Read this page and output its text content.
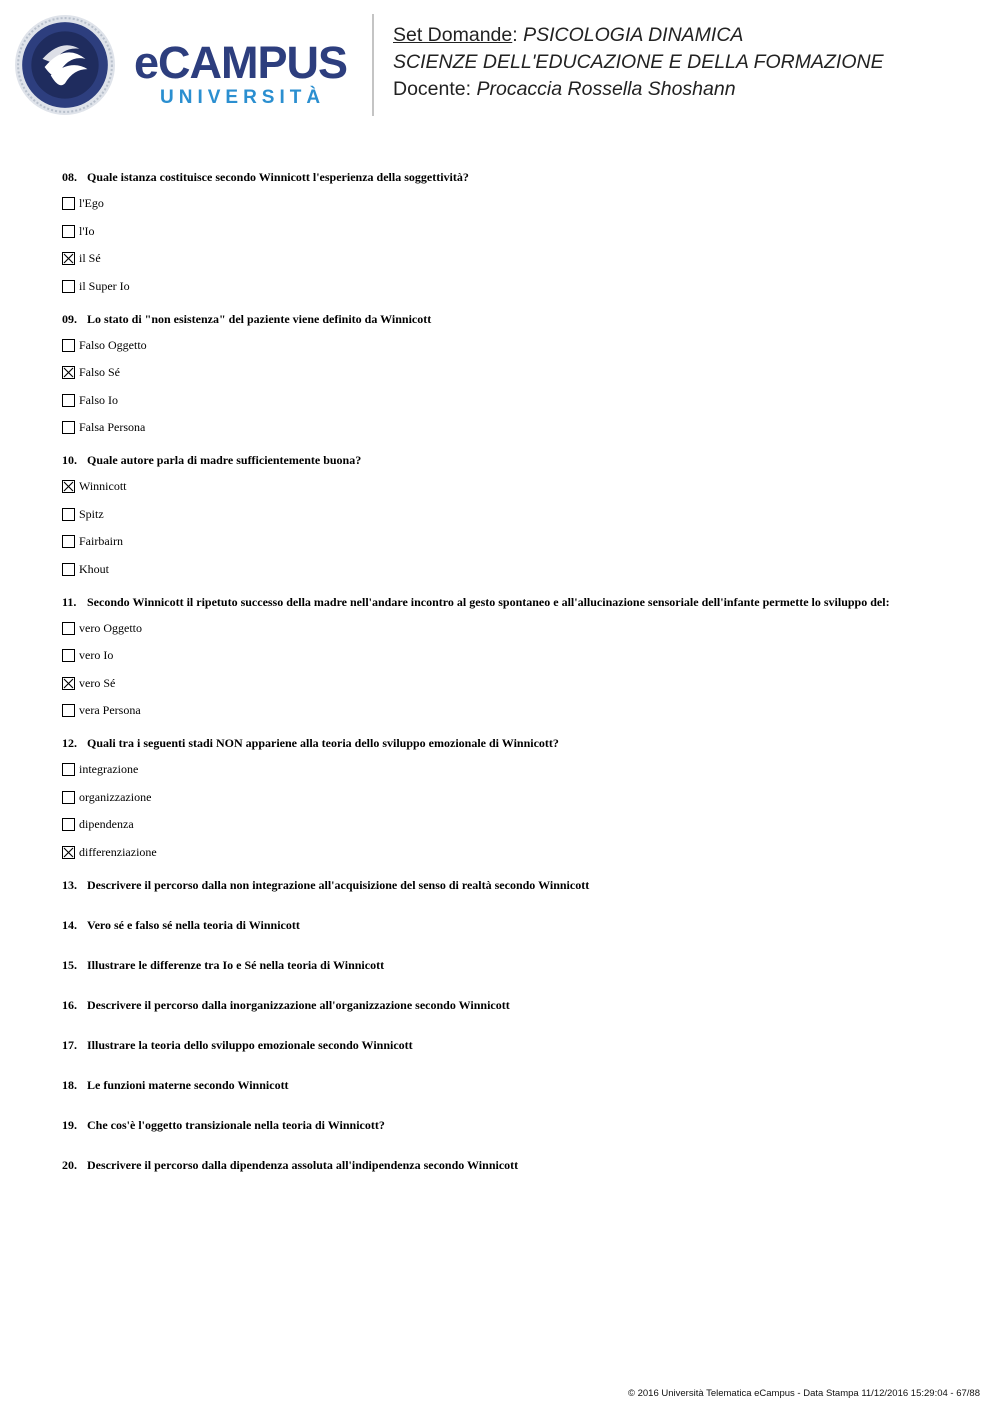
eCAMPUS
UNIVERSITÀ
Set Domande: PSICOLOGIA DINAMICA
SCIENZE DELL'EDUCAZIONE E DELLA FORMAZIONE
Docente: Procaccia Rossella Shoshann
08. Quale istanza costituisce secondo Winnicott l'esperienza della soggettività?
l'Ego
l'Io
il Sé
il Super Io
09. Lo stato di "non esistenza" del paziente viene definito da Winnicott
Falso Oggetto
Falso Sé
Falso Io
Falsa Persona
10. Quale autore parla di madre sufficientemente buona?
Winnicott
Spitz
Fairbairn
Khout
11. Secondo Winnicott il ripetuto successo della madre nell'andare incontro al gesto spontaneo e all'allucinazione sensoriale dell'infante permette lo sviluppo del:
vero Oggetto
vero Io
vero Sé
vera Persona
12. Quali tra i seguenti stadi NON appariene alla teoria dello sviluppo emozionale di Winnicott?
integrazione
organizzazione
dipendenza
differenziazione
13. Descrivere il percorso dalla non integrazione all'acquisizione del senso di realtà secondo Winnicott
14. Vero sé e falso sé nella teoria di Winnicott
15. Illustrare le differenze tra Io e Sé nella teoria di Winnicott
16. Descrivere il percorso dalla inorganizzazione all'organizzazione secondo Winnicott
17. Illustrare la teoria dello sviluppo emozionale secondo Winnicott
18. Le funzioni materne secondo Winnicott
19. Che cos'è l'oggetto transizionale nella teoria di Winnicott?
20. Descrivere il percorso dalla dipendenza assoluta all'indipendenza secondo Winnicott
© 2016 Università Telematica eCampus - Data Stampa 11/12/2016 15:29:04 - 67/88
